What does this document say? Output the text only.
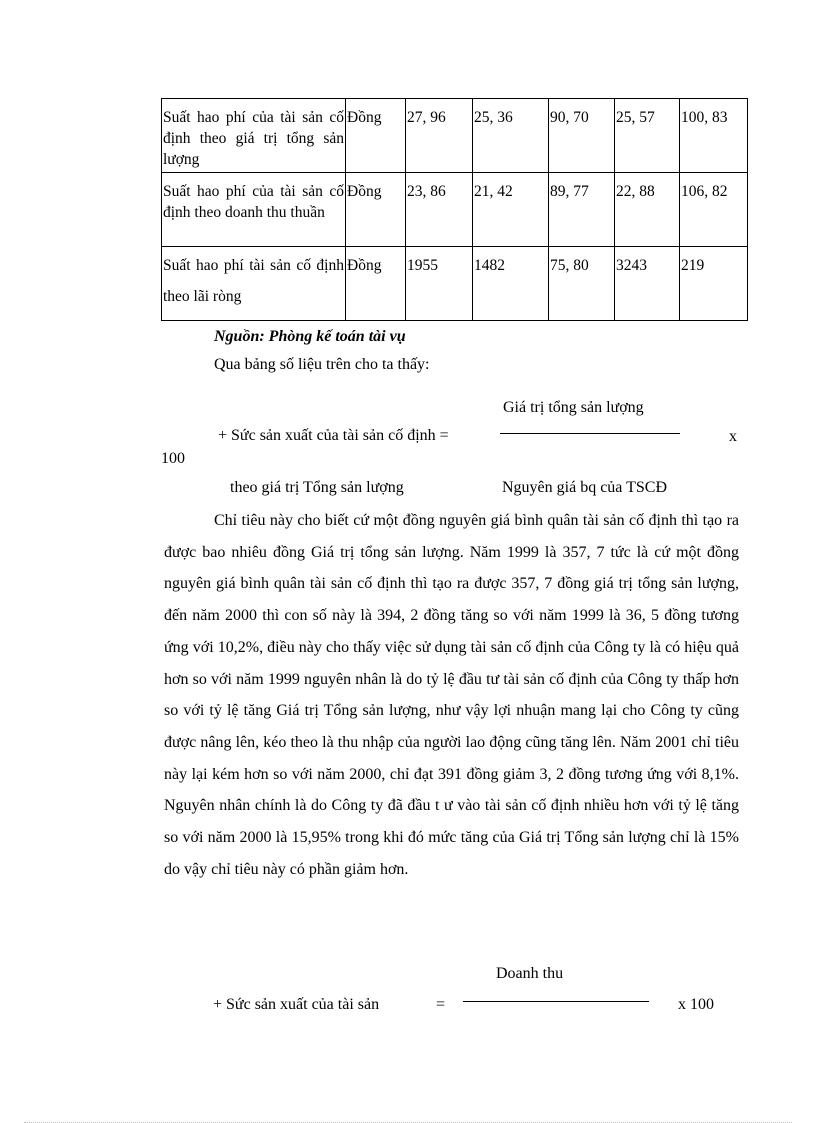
Suất hao phí của tài sản cố định theo giá trị tổng sản lượng	Đồng	27, 96	25, 36	90, 70	25, 57	100, 83
Suất hao phí của tài sản cố định theo doanh thu thuần	Đồng	23, 86	21, 42	89, 77	22, 88	106, 82
Suất hao phí tài sản cố định theo lãi ròng	Đồng	1955	1482	75, 80	3243	219
Nguồn: Phòng kế toán tài vụ
Qua bảng số liệu trên cho ta thấy:
Giá trị tổng sản lượng
+ Sức sản xuất của tài sản cố định =	x
100
theo giá trị Tổng sản lượng	Nguyên giá bq của TSCĐ
Chỉ tiêu này cho biết cứ một đồng nguyên giá bình quân tài sản cố định thì tạo ra được bao nhiêu đồng Giá trị tổng sản lượng. Năm 1999 là 357, 7 tức là cứ một đồng nguyên giá bình quân tài sản cố định thì tạo ra được 357, 7 đồng giá trị tổng sản lượng, đến năm 2000 thì con số này là 394, 2 đồng tăng so với năm 1999 là 36, 5 đồng tương ứng với 10,2%, điều này cho thấy việc sử dụng tài sản cố định của Công ty là có hiệu quả hơn so với năm 1999 nguyên nhân là do tỷ lệ đầu tư tài sản cố định của Công ty thấp hơn so với tỷ lệ tăng Giá trị Tổng sản lượng, như vậy lợi nhuận mang lại cho Công ty cũng được nâng lên, kéo theo là thu nhập của người lao động cũng tăng lên. Năm 2001 chỉ tiêu này lại kém hơn so với năm 2000, chỉ đạt 391 đồng giảm 3, 2 đồng tương ứng với 8,1%. Nguyên nhân chính là do Công ty đã đầu t ư vào tài sản cố định nhiều hơn với tỷ lệ tăng so với năm 2000 là 15,95% trong khi đó mức tăng của Giá trị Tổng sản lượng chỉ là 15% do vậy chỉ tiêu này có phần giảm hơn.
Doanh thu
+ Sức sản xuất của tài sản	=	x 100
